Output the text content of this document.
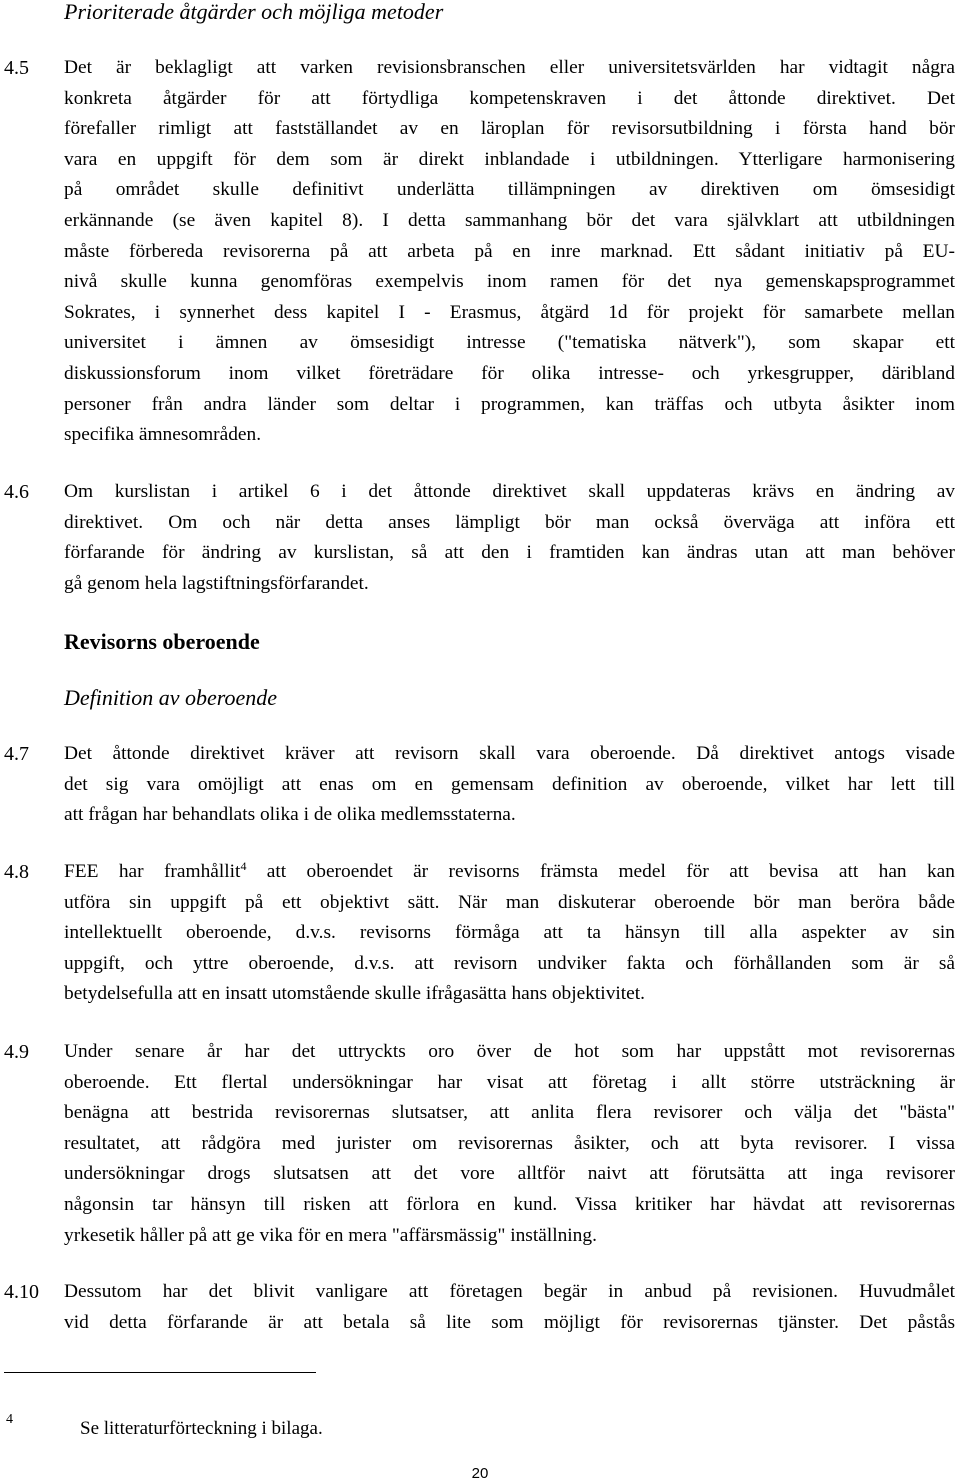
Prioriterade åtgärder och möjliga metoder
4.5 Det är beklagligt att varken revisionsbranschen eller universitetsvärlden har vidtagit några
konkreta åtgärder för att förtydliga kompetenskraven i det åttonde direktivet. Det
förefaller rimligt att fastställandet av en läroplan för revisorsutbildning i första hand bör
vara en uppgift för dem som är direkt inblandade i utbildningen. Ytterligare harmonisering
på området skulle definitivt underlätta tillämpningen av direktiven om ömsesidigt
erkännande (se även kapitel 8). I detta sammanhang bör det vara självklart att utbildningen
måste förbereda revisorerna på att arbeta på en inre marknad. Ett sådant initiativ på EU-
nivå skulle kunna genomföras exempelvis inom ramen för det nya gemenskapsprogrammet
Sokrates, i synnerhet dess kapitel I - Erasmus, åtgärd 1d för projekt för samarbete mellan
universitet i ämnen av ömsesidigt intresse ("tematiska nätverk"), som skapar ett
diskussionsforum inom vilket företrädare för olika intresse- och yrkesgrupper, däribland
personer från andra länder som deltar i programmen, kan träffas och utbyta åsikter inom
specifika ämnesområden.
4.6 Om kurslistan i artikel 6 i det åttonde direktivet skall uppdateras krävs en ändring av
direktivet. Om och när detta anses lämpligt bör man också överväga att införa ett
förfarande för ändring av kurslistan, så att den i framtiden kan ändras utan att man behöver
gå genom hela lagstiftningsförfarandet.
Revisorns oberoende
Definition av oberoende
4.7 Det åttonde direktivet kräver att revisorn skall vara oberoende. Då direktivet antogs visade
det sig vara omöjligt att enas om en gemensam definition av oberoende, vilket har lett till
att frågan har behandlats olika i de olika medlemsstaterna.
4.8 FEE har framhållit$^4$ att oberoendet är revisorns främsta medel för att bevisa att han kan
utföra sin uppgift på ett objektivt sätt. När man diskuterar oberoende bör man beröra både
intellektuellt oberoende, d.v.s. revisorns förmåga att ta hänsyn till alla aspekter av sin
uppgift, och yttre oberoende, d.v.s. att revisorn undviker fakta och förhållanden som är så
betydelsefulla att en insatt utomstående skulle ifrågasätta hans objektivitet.
4.9 Under senare år har det uttryckts oro över de hot som har uppstått mot revisorernas
oberoende. Ett flertal undersökningar har visat att företag i allt större utsträckning är
benägna att bestrida revisorernas slutsatser, att anlita flera revisorer och välja det "bästa"
resultatet, att rådgöra med jurister om revisorernas åsikter, och att byta revisorer. I vissa
undersökningar drogs slutsatsen att det vore alltför naivt att förutsätta att inga revisorer
någonsin tar hänsyn till risken att förlora en kund. Vissa kritiker har hävdat att revisorernas
yrkesetik håller på att ge vika för en mera "affärsmässig" inställning.
4.10 Dessutom har det blivit vanligare att företagen begär in anbud på revisionen. Huvudmålet
vid detta förfarande är att betala så lite som möjligt för revisorernas tjänster. Det påstås
4	Se litteraturförteckning i bilaga.
20
